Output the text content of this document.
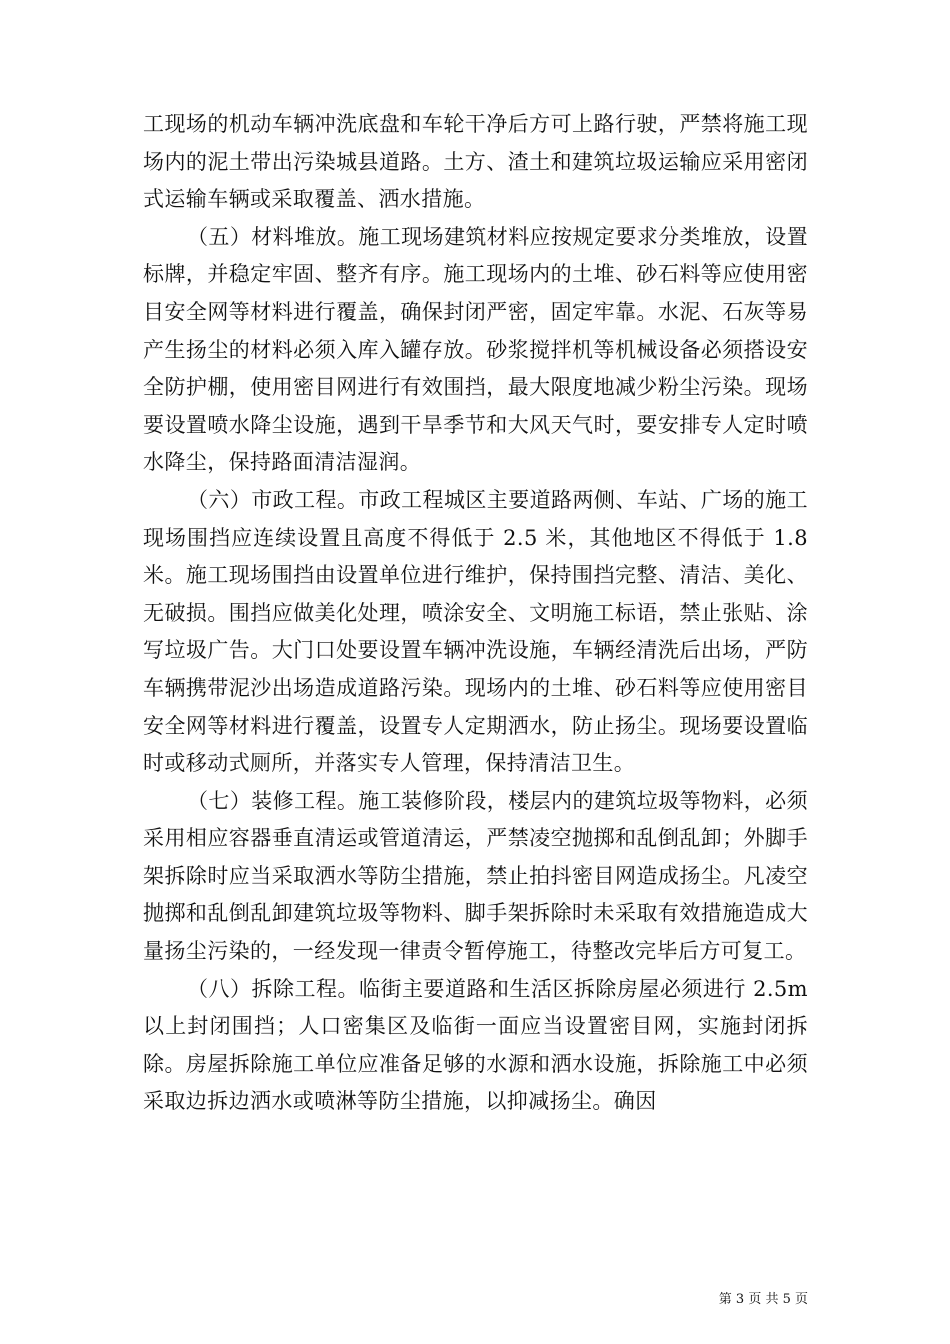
工现场的机动车辆冲洗底盘和车轮干净后方可上路行驶，严禁将施工现场内的泥土带出污染城县道路。土方、渣土和建筑垃圾运输应采用密闭式运输车辆或采取覆盖、洒水措施。

（五）材料堆放。施工现场建筑材料应按规定要求分类堆放，设置标牌，并稳定牢固、整齐有序。施工现场内的土堆、砂石料等应使用密目安全网等材料进行覆盖，确保封闭严密，固定牢靠。水泥、石灰等易产生扬尘的材料必须入库入罐存放。砂浆搅拌机等机械设备必须搭设安全防护棚，使用密目网进行有效围挡，最大限度地减少粉尘污染。现场要设置喷水降尘设施，遇到干旱季节和大风天气时，要安排专人定时喷水降尘，保持路面清洁湿润。

（六）市政工程。市政工程城区主要道路两侧、车站、广场的施工现场围挡应连续设置且高度不得低于 2.5 米，其他地区不得低于 1.8 米。施工现场围挡由设置单位进行维护，保持围挡完整、清洁、美化、无破损。围挡应做美化处理，喷涂安全、文明施工标语，禁止张贴、涂写垃圾广告。大门口处要设置车辆冲洗设施，车辆经清洗后出场，严防车辆携带泥沙出场造成道路污染。现场内的土堆、砂石料等应使用密目安全网等材料进行覆盖，设置专人定期洒水，防止扬尘。现场要设置临时或移动式厕所，并落实专人管理，保持清洁卫生。

（七）装修工程。施工装修阶段，楼层内的建筑垃圾等物料，必须采用相应容器垂直清运或管道清运，严禁凌空抛掷和乱倒乱卸；外脚手架拆除时应当采取洒水等防尘措施，禁止拍抖密目网造成扬尘。凡凌空抛掷和乱倒乱卸建筑垃圾等物料、脚手架拆除时未采取有效措施造成大量扬尘污染的，一经发现一律责令暂停施工，待整改完毕后方可复工。

（八）拆除工程。临街主要道路和生活区拆除房屋必须进行 2.5m 以上封闭围挡；人口密集区及临街一面应当设置密目网，实施封闭拆除。房屋拆除施工单位应准备足够的水源和洒水设施，拆除施工中必须采取边拆边洒水或喷淋等防尘措施，以抑减扬尘。确因

第 3 页 共 5 页
